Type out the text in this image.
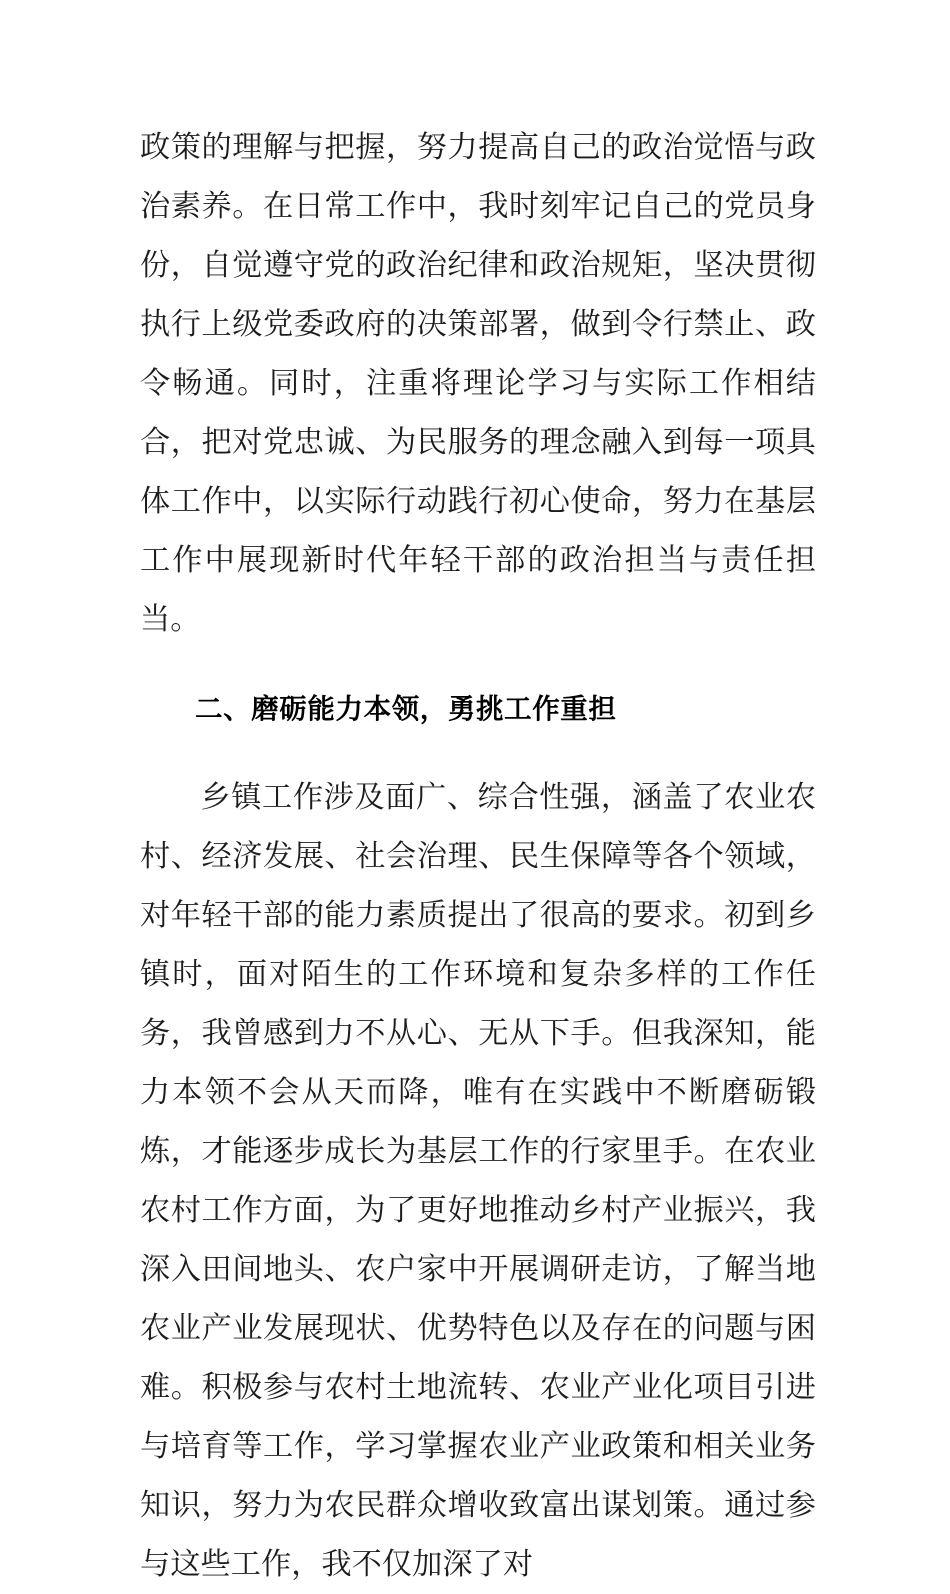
政策的理解与把握，努力提高自己的政治觉悟与政治素养。在日常工作中，我时刻牢记自己的党员身份，自觉遵守党的政治纪律和政治规矩，坚决贯彻执行上级党委政府的决策部署，做到令行禁止、政令畅通。同时，注重将理论学习与实际工作相结合，把对党忠诚、为民服务的理念融入到每一项具体工作中，以实际行动践行初心使命，努力在基层工作中展现新时代年轻干部的政治担当与责任担当。

二、磨砺能力本领，勇挑工作重担

乡镇工作涉及面广、综合性强，涵盖了农业农村、经济发展、社会治理、民生保障等各个领域，对年轻干部的能力素质提出了很高的要求。初到乡镇时，面对陌生的工作环境和复杂多样的工作任务，我曾感到力不从心、无从下手。但我深知，能力本领不会从天而降，唯有在实践中不断磨砺锻炼，才能逐步成长为基层工作的行家里手。在农业农村工作方面，为了更好地推动乡村产业振兴，我深入田间地头、农户家中开展调研走访，了解当地农业产业发展现状、优势特色以及存在的问题与困难。积极参与农村土地流转、农业产业化项目引进与培育等工作，学习掌握农业产业政策和相关业务知识，努力为农民群众增收致富出谋划策。通过参与这些工作，我不仅加深了对
